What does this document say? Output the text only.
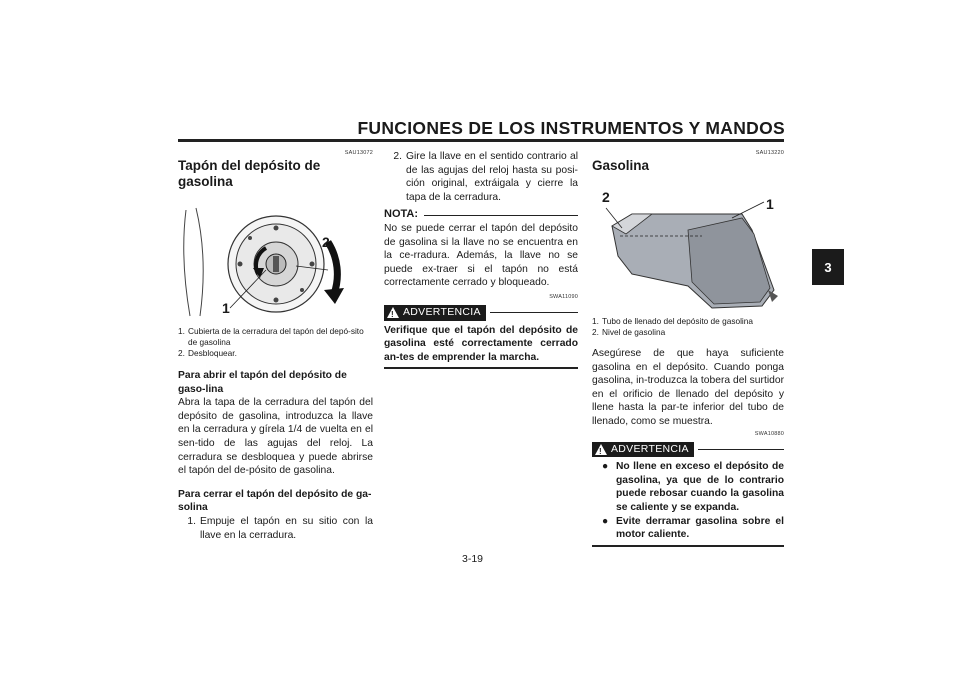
FUNCIONES DE LOS INSTRUMENTOS Y MANDOS
3
SAU13072
Tapón del depósito de gasolina
1
2
1. Cubierta de la cerradura del tapón del depó-sito de gasolina
2. Desbloquear.
Para abrir el tapón del depósito de gaso-lina

Abra la tapa de la cerradura del tapón del depósito de gasolina, introduzca la llave en la cerradura y gírela 1/4 de vuelta en el sen-tido de las agujas del reloj. La cerradura se desbloquea y puede abrirse el tapón del de-pósito de gasolina.

Para cerrar el tapón del depósito de ga-solina
1. Empuje el tapón en su sitio con la llave en la cerradura.
2. Gire la llave en el sentido contrario al de las agujas del reloj hasta su posi-ción original, extráigala y cierre la tapa de la cerradura.
NOTA:

No se puede cerrar el tapón del depósito de gasolina si la llave no se encuentra en la ce-rradura. Además, la llave no se puede ex-traer si el tapón no está correctamente cerrado y bloqueado.

SWA11090
! ADVERTENCIA

Verifique que el tapón del depósito de gasolina esté correctamente cerrado an-tes de emprender la marcha.

SAU13220
Gasolina
2	1
1. Tubo de llenado del depósito de gasolina
2. Nivel de gasolina

Asegúrese de que haya suficiente gasolina en el depósito. Cuando ponga gasolina, in-troduzca la tobera del surtidor en el orificio de llenado del depósito y llene hasta la par-te inferior del tubo de llenado, como se muestra.

SWA10880
! ADVERTENCIA
● No llene en exceso el depósito de gasolina, ya que de lo contrario puede rebosar cuando la gasolina se caliente y se expanda.
● Evite derramar gasolina sobre el motor caliente.
3-19
